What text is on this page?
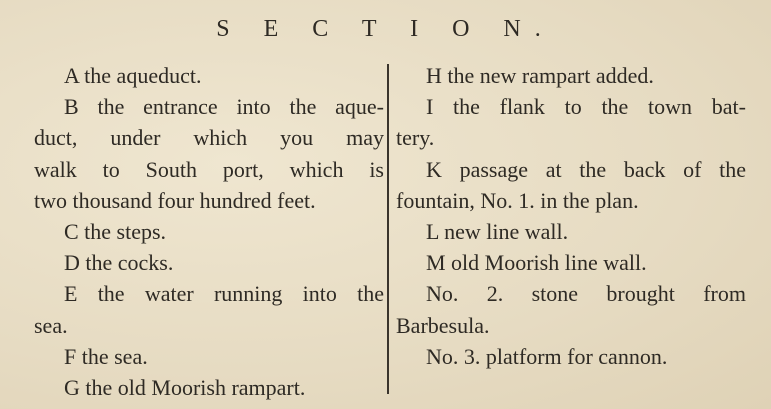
S E C T I O N.
A the aqueduct.
B the entrance into the aque-
duct, under which you may
walk to South port, which is
two thousand four hundred feet.
C the steps.
D the cocks.
E the water running into the
sea.
F the sea.
G the old Moorish rampart.
H the new rampart added.
I the flank to the town bat-
tery.
K passage at the back of the
fountain, No. 1. in the plan.
L new line wall.
M old Moorish line wall.
No. 2. stone brought from
Barbesula.
No. 3. platform for cannon.
